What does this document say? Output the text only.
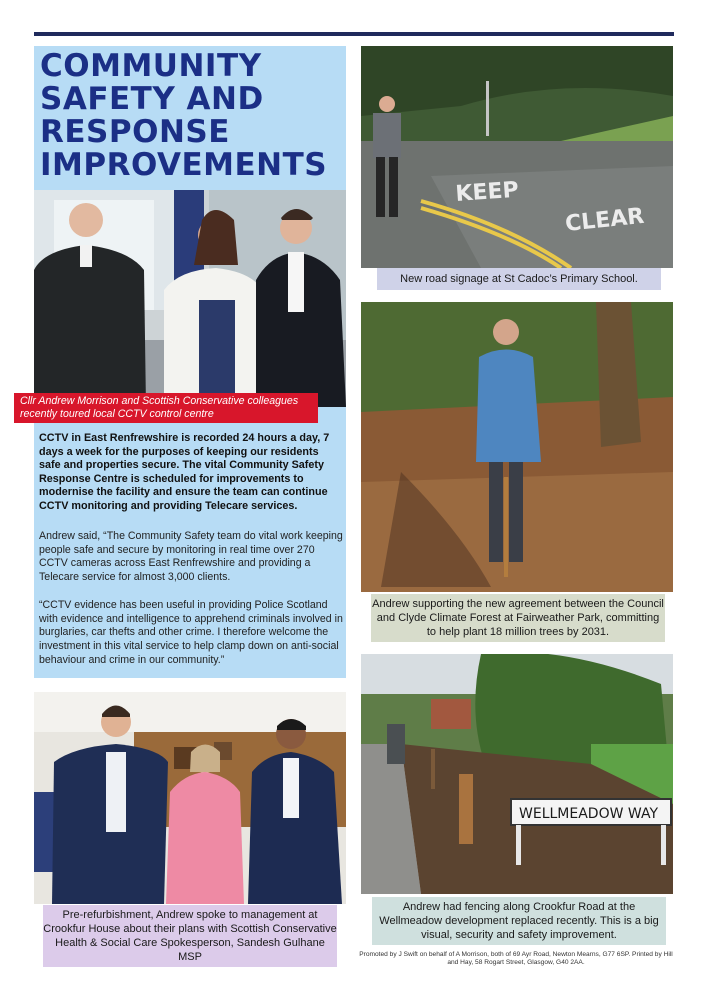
COMMUNITY
SAFETY AND
RESPONSE
IMPROVEMENTS
Cllr Andrew Morrison and Scottish Conservative colleagues recently toured local CCTV control centre

CCTV in East Renfrewshire is recorded 24 hours a day, 7 days a week for the purposes of keeping our residents safe and properties secure. The vital Community Safety Response Centre is scheduled for improvements to modernise the facility and ensure the team can continue CCTV monitoring and providing Telecare services.

Andrew said, “The Community Safety team do vital work keeping people safe and secure by monitoring in real time over 270 CCTV cameras across East Renfrewshire and providing a Telecare service for almost 3,000 clients.

“CCTV evidence has been useful in providing Police Scotland with evidence and intelligence to apprehend criminals involved in burglaries, car thefts and other crime. I therefore welcome the investment in this vital service to help clamp down on anti-social behaviour and crime in our community.”

KEEP
CLEAR
New road signage at St Cadoc’s Primary School.
Andrew supporting the new agreement between the Council and Clyde Climate Forest at Fairweather Park, committing to help plant 18 million trees by 2031.
Pre-refurbishment, Andrew spoke to management at Crookfur House about their plans with Scottish Conservative Health & Social Care Spokesperson, Sandesh Gulhane MSP
WELLMEADOW WAY
Andrew had fencing along Crookfur Road at the Wellmeadow development replaced recently. This is a big visual, security and safety improvement.

Promoted by J Swift on behalf of A Morrison, both of 69 Ayr Road, Newton Mearns, G77 6SP. Printed by Hill and Hay, 58 Rogart Street, Glasgow, G40 2AA.
